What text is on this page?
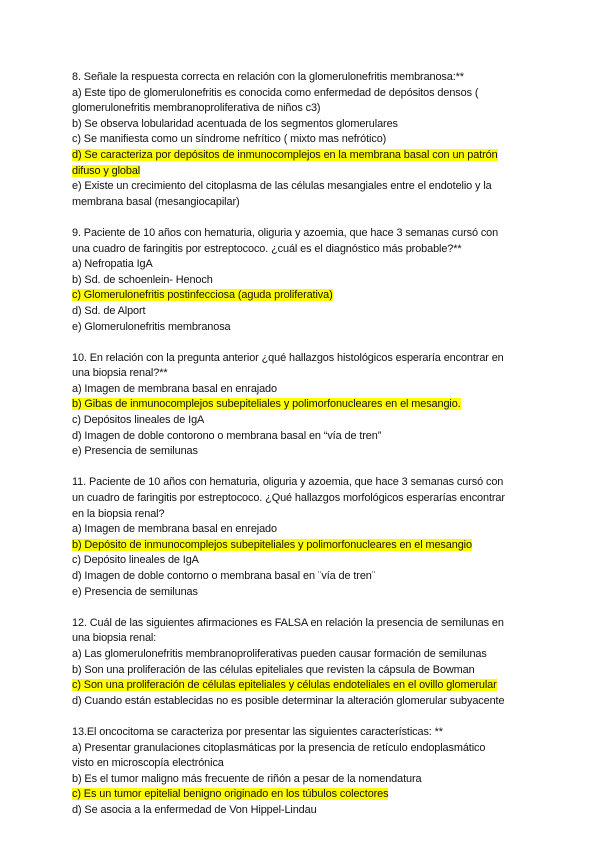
8. Señale la respuesta correcta en relación con la glomerulonefritis membranosa:**
a) Este tipo de glomerulonefritis es conocida como enfermedad de depósitos densos (
glomerulonefritis membranoproliferativa de niños c3)
b) Se observa lobularidad acentuada de los segmentos glomerulares
c) Se manifiesta como un síndrome nefrítico ( mixto mas nefrótico)
d) Se caracteriza por depósitos de inmunocomplejos en la membrana basal con un patrón
difuso y global
e) Existe un crecimiento del citoplasma de las células mesangiales entre el endotelio y la
membrana basal (mesangiocapilar)
9. Paciente de 10 años con hematuria, oliguria y azoemia, que hace 3 semanas cursó con
una cuadro de faringitis por estreptococo. ¿cuál es el diagnóstico más probable?**
a) Nefropatia IgA
b) Sd. de schoenlein- Henoch
c) Glomerulonefritis postinfecciosa (aguda proliferativa)
d) Sd. de Alport
e) Glomerulonefritis membranosa
10. En relación con la pregunta anterior ¿qué hallazgos histológicos esperaría encontrar en
una biopsia renal?**
a) Imagen de membrana basal en enrajado
b) Gibas de inmunocomplejos subepiteliales y polimorfonucleares en el mesangio.
c) Depósitos lineales de IgA
d) Imagen de doble contorono o membrana basal en “vía de tren”
e) Presencia de semilunas
11. Paciente de 10 años con hematuria, oliguria y azoemia, que hace 3 semanas cursó con
un cuadro de faringitis por estreptococo. ¿Qué hallazgos morfológicos esperarías encontrar
en la biopsia renal?
a) Imagen de membrana basal en enrejado
b) Depósito de inmunocomplejos subepiteliales y polimorfonucleares en el mesangio
c) Depósito lineales de IgA
d) Imagen de doble contorno o membrana basal en ¨vía de tren¨
e) Presencia de semilunas
12. Cuál de las siguientes afirmaciones es FALSA en relación la presencia de semilunas en
una biopsia renal:
a) Las glomerulonefritis membranoproliferativas pueden causar formación de semilunas
b) Son una proliferación de las células epiteliales que revisten la cápsula de Bowman
c) Son una proliferación de células epiteliales y células endoteliales en el ovillo glomerular
d) Cuando están establecidas no es posible determinar la alteración glomerular subyacente
13.El oncocitoma se caracteriza por presentar las siguientes características: **
a) Presentar granulaciones citoplasmáticas por la presencia de retículo endoplasmático
visto en microscopía electrónica
b) Es el tumor maligno más frecuente de riñón a pesar de la nomendatura
c) Es un tumor epitelial benigno originado en los túbulos colectores
d) Se asocia a la enfermedad de Von Hippel-Lindau
